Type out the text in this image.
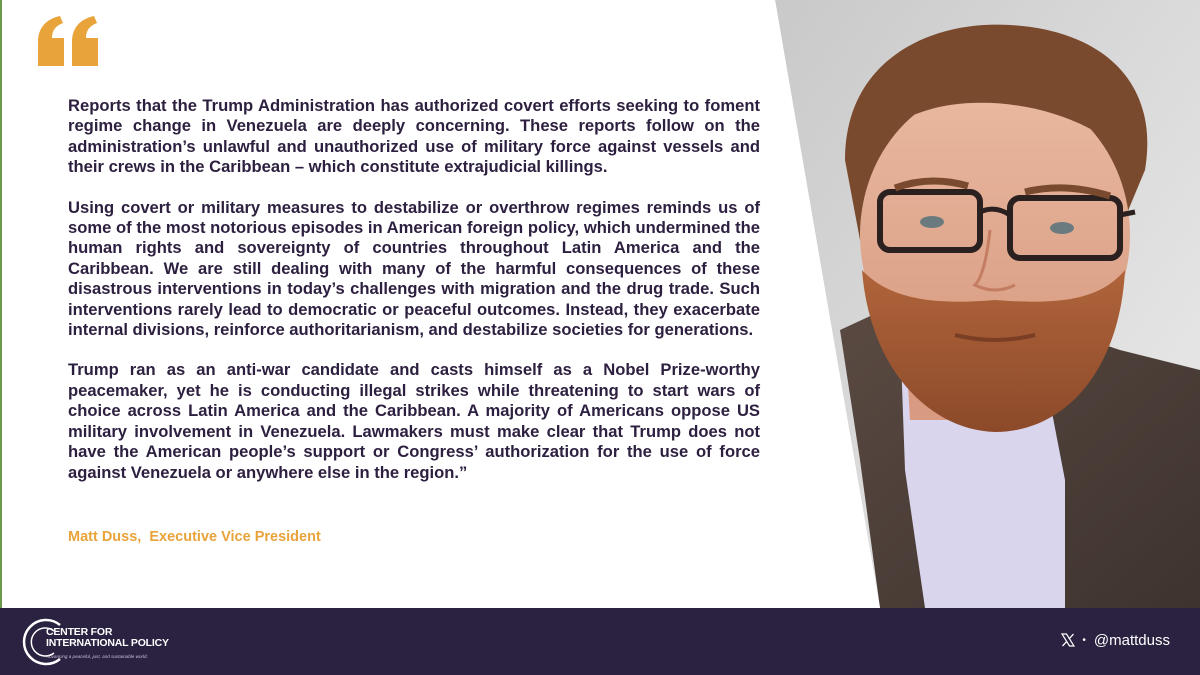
Reports that the Trump Administration has authorized covert efforts seeking to foment regime change in Venezuela are deeply concerning. These reports follow on the administration’s unlawful and unauthorized use of military force against vessels and their crews in the Caribbean – which constitute extrajudicial killings.

Using covert or military measures to destabilize or overthrow regimes reminds us of some of the most notorious episodes in American foreign policy, which undermined the human rights and sovereignty of countries throughout Latin America and the Caribbean. We are still dealing with many of the harmful consequences of these disastrous interventions in today’s challenges with migration and the drug trade. Such interventions rarely lead to democratic or peaceful outcomes. Instead, they exacerbate internal divisions, reinforce authoritarianism, and destabilize societies for generations.

Trump ran as an anti-war candidate and casts himself as a Nobel Prize-worthy peacemaker, yet he is conducting illegal strikes while threatening to start wars of choice across Latin America and the Caribbean. A majority of Americans oppose US military involvement in Venezuela. Lawmakers must make clear that Trump does not have the American people’s support or Congress’ authorization for the use of force against Venezuela or anywhere else in the region.”

Matt Duss,  Executive Vice President
CENTER FOR
INTERNATIONAL POLICY
Advancing a peaceful, just, and sustainable world.
• @mattduss
